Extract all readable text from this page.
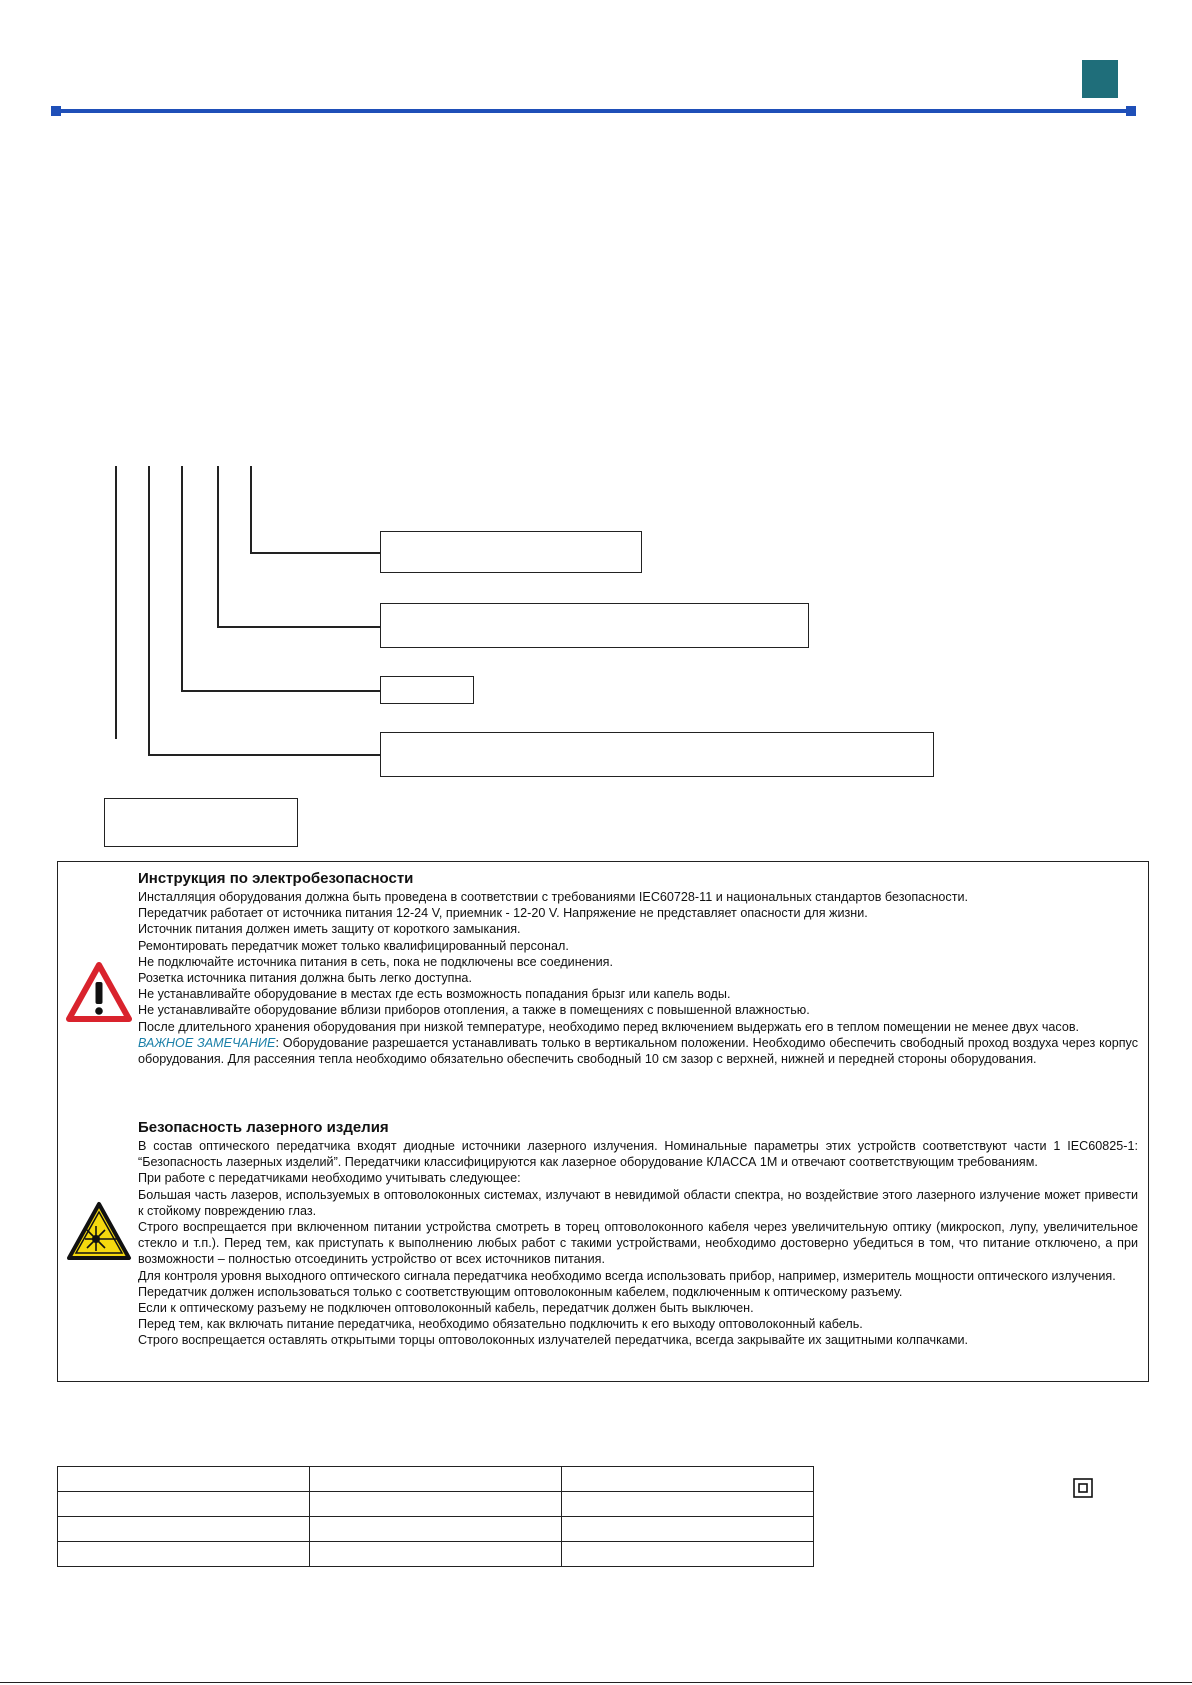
Инструкция по электробезопасности

Инсталляция оборудования должна быть проведена в соответствии с требованиями IEC60728-11 и национальных стандартов безопасности.

Передатчик работает от источника питания 12-24 V, приемник - 12-20 V. Напряжение не представляет опасности для жизни.

Источник питания должен иметь защиту от короткого замыкания.

Ремонтировать передатчик может только квалифицированный персонал.

Не подключайте источника питания в сеть, пока не подключены все соединения.

Розетка источника питания должна быть легко доступна.

Не устанавливайте оборудование в местах где есть возможность попадания брызг или капель воды.

Не устанавливайте оборудование вблизи приборов отопления, а также в помещениях с повышенной влажностью.

После длительного хранения оборудования при низкой температуре, необходимо перед включением выдержать его в теплом помещении не менее двух часов.

ВАЖНОЕ ЗАМЕЧАНИЕ: Оборудование разрешается устанавливать только в вертикальном положении. Необходимо обеспечить свободный проход воздуха через корпус оборудования. Для рассеяния тепла необходимо обязательно обеспечить свободный 10 см зазор с верхней, нижней и передней стороны оборудования.

Безопасность лазерного изделия

В состав оптического передатчика входят диодные источники лазерного излучения. Номинальные параметры этих устройств соответствуют части 1 IEC60825-1: “Безопасность лазерных изделий”. Передатчики классифицируются как лазерное оборудование КЛАССА 1М и отвечают соответствующим требованиям.

При работе с передатчиками необходимо учитывать следующее:

Большая часть лазеров, используемых в оптоволоконных системах, излучают в невидимой области спектра, но воздействие этого лазерного излучение может привести к стойкому повреждению глаз.

Строго воспрещается при включенном питании устройства смотреть в торец оптоволоконного кабеля через увеличительную оптику (микроскоп, лупу, увеличительное стекло и т.п.). Перед тем, как приступать к выполнению любых работ с такими устройствами, необходимо достоверно убедиться в том, что питание отключено, а при возможности – полностью отсоединить устройство от всех источников питания.

Для контроля уровня выходного оптического сигнала передатчика необходимо всегда использовать прибор, например, измеритель мощности оптического излучения.

Передатчик должен использоваться только с соответствующим оптоволоконным кабелем, подключенным к оптическому разъему.

Если к оптическому разъему не подключен оптоволоконный кабель, передатчик должен быть выключен.

Перед тем, как включать питание передатчика, необходимо обязательно подключить к его выходу оптоволоконный кабель.

Строго воспрещается оставлять открытыми торцы оптоволоконных излучателей передатчика, всегда закрывайте их защитными колпачками.
